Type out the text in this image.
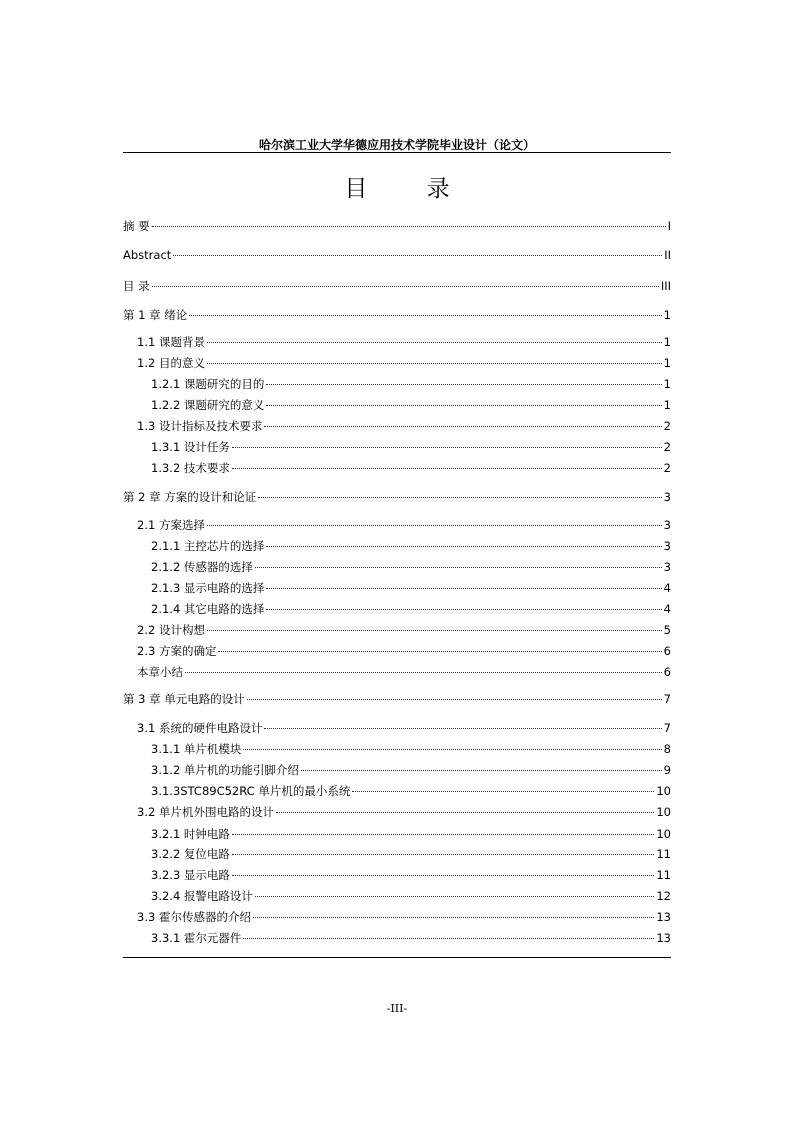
哈尔滨工业大学华德应用技术学院毕业设计（论文）
目 录
摘 要	I
Abstract	II
目 录	III
第 1 章 绪论	1
1.1 课题背景	1
1.2 目的意义	1
1.2.1 课题研究的目的	1
1.2.2 课题研究的意义	1
1.3 设计指标及技术要求	2
1.3.1 设计任务	2
1.3.2 技术要求	2
第 2 章 方案的设计和论证	3
2.1 方案选择	3
2.1.1 主控芯片的选择	3
2.1.2 传感器的选择	3
2.1.3 显示电路的选择	4
2.1.4 其它电路的选择	4
2.2 设计构想	5
2.3 方案的确定	6
本章小结	6
第 3 章 单元电路的设计	7
3.1 系统的硬件电路设计	7
3.1.1 单片机模块	8
3.1.2 单片机的功能引脚介绍	9
3.1.3STC89C52RC 单片机的最小系统	10
3.2 单片机外围电路的设计	10
3.2.1 时钟电路	10
3.2.2 复位电路	11
3.2.3 显示电路	11
3.2.4 报警电路设计	12
3.3 霍尔传感器的介绍	13
3.3.1 霍尔元器件	13
-III-
